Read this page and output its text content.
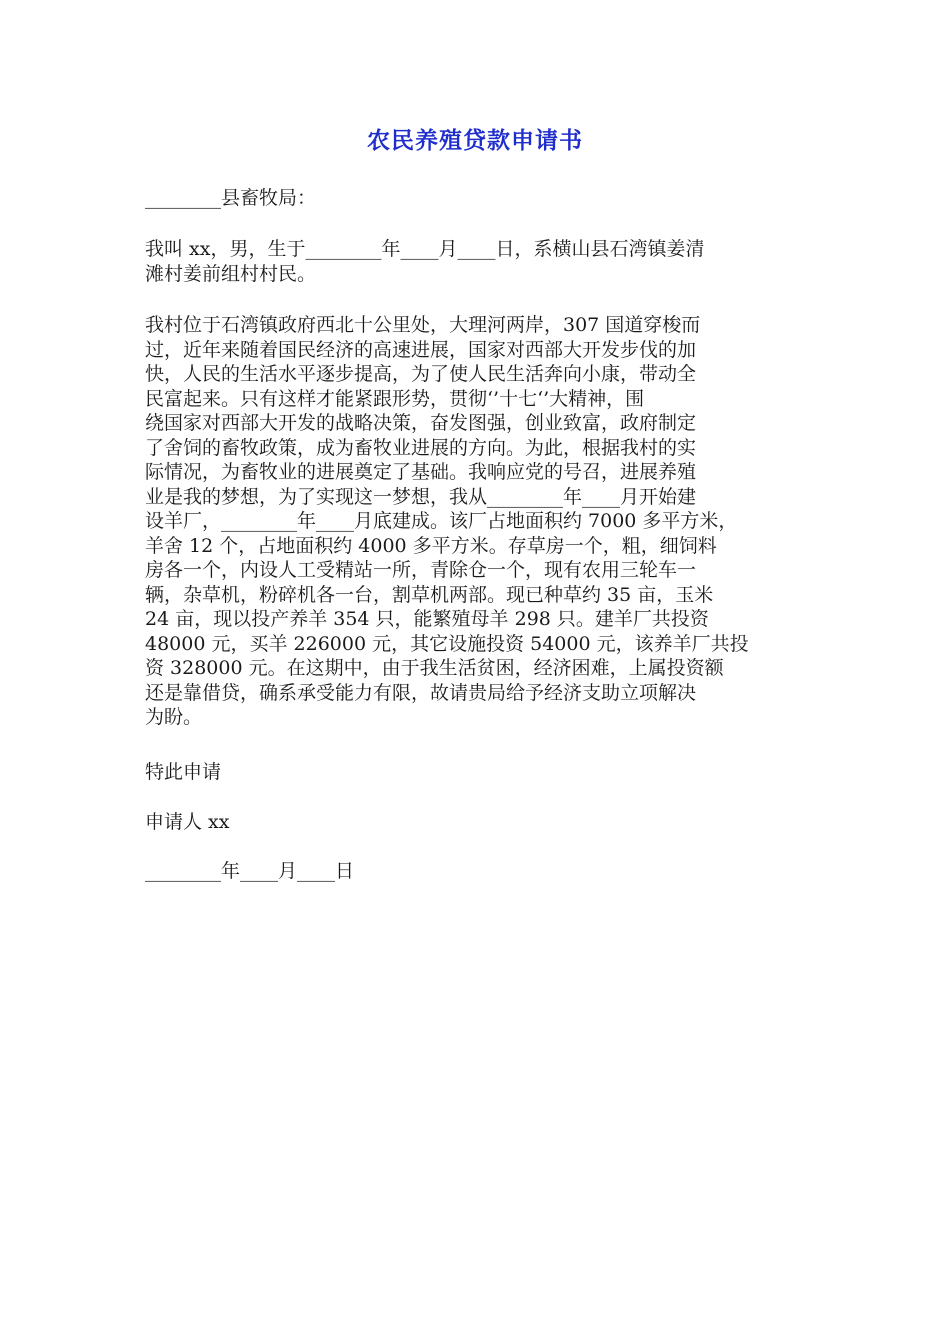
农民养殖贷款申请书
________县畜牧局：
我叫 xx，男，生于________年____月____日，系横山县石湾镇姜清
滩村姜前组村村民。
我村位于石湾镇政府西北十公里处，大理河两岸，307 国道穿梭而
过，近年来随着国民经济的高速进展，国家对西部大开发步伐的加
快，人民的生活水平逐步提高，为了使人民生活奔向小康，带动全
民富起来。只有这样才能紧跟形势，贯彻‘’十七‘’大精神，围
绕国家对西部大开发的战略决策，奋发图强，创业致富，政府制定
了舍饲的畜牧政策，成为畜牧业进展的方向。为此，根据我村的实
际情况，为畜牧业的进展奠定了基础。我响应党的号召，进展养殖
业是我的梦想，为了实现这一梦想，我从________年____月开始建
设羊厂，________年____月底建成。该厂占地面积约 7000 多平方米，
羊舍 12 个，占地面积约 4000 多平方米。存草房一个，粗，细饲料
房各一个，内设人工受精站一所，青除仓一个，现有农用三轮车一
辆，杂草机，粉碎机各一台，割草机两部。现已种草约 35 亩，玉米
24 亩，现以投产养羊 354 只，能繁殖母羊 298 只。建羊厂共投资
48000 元，买羊 226000 元，其它设施投资 54000 元，该养羊厂共投
资 328000 元。在这期中，由于我生活贫困，经济困难，上属投资额
还是靠借贷，确系承受能力有限，故请贵局给予经济支助立项解决
为盼。
特此申请
申请人 xx
________年____月____日
